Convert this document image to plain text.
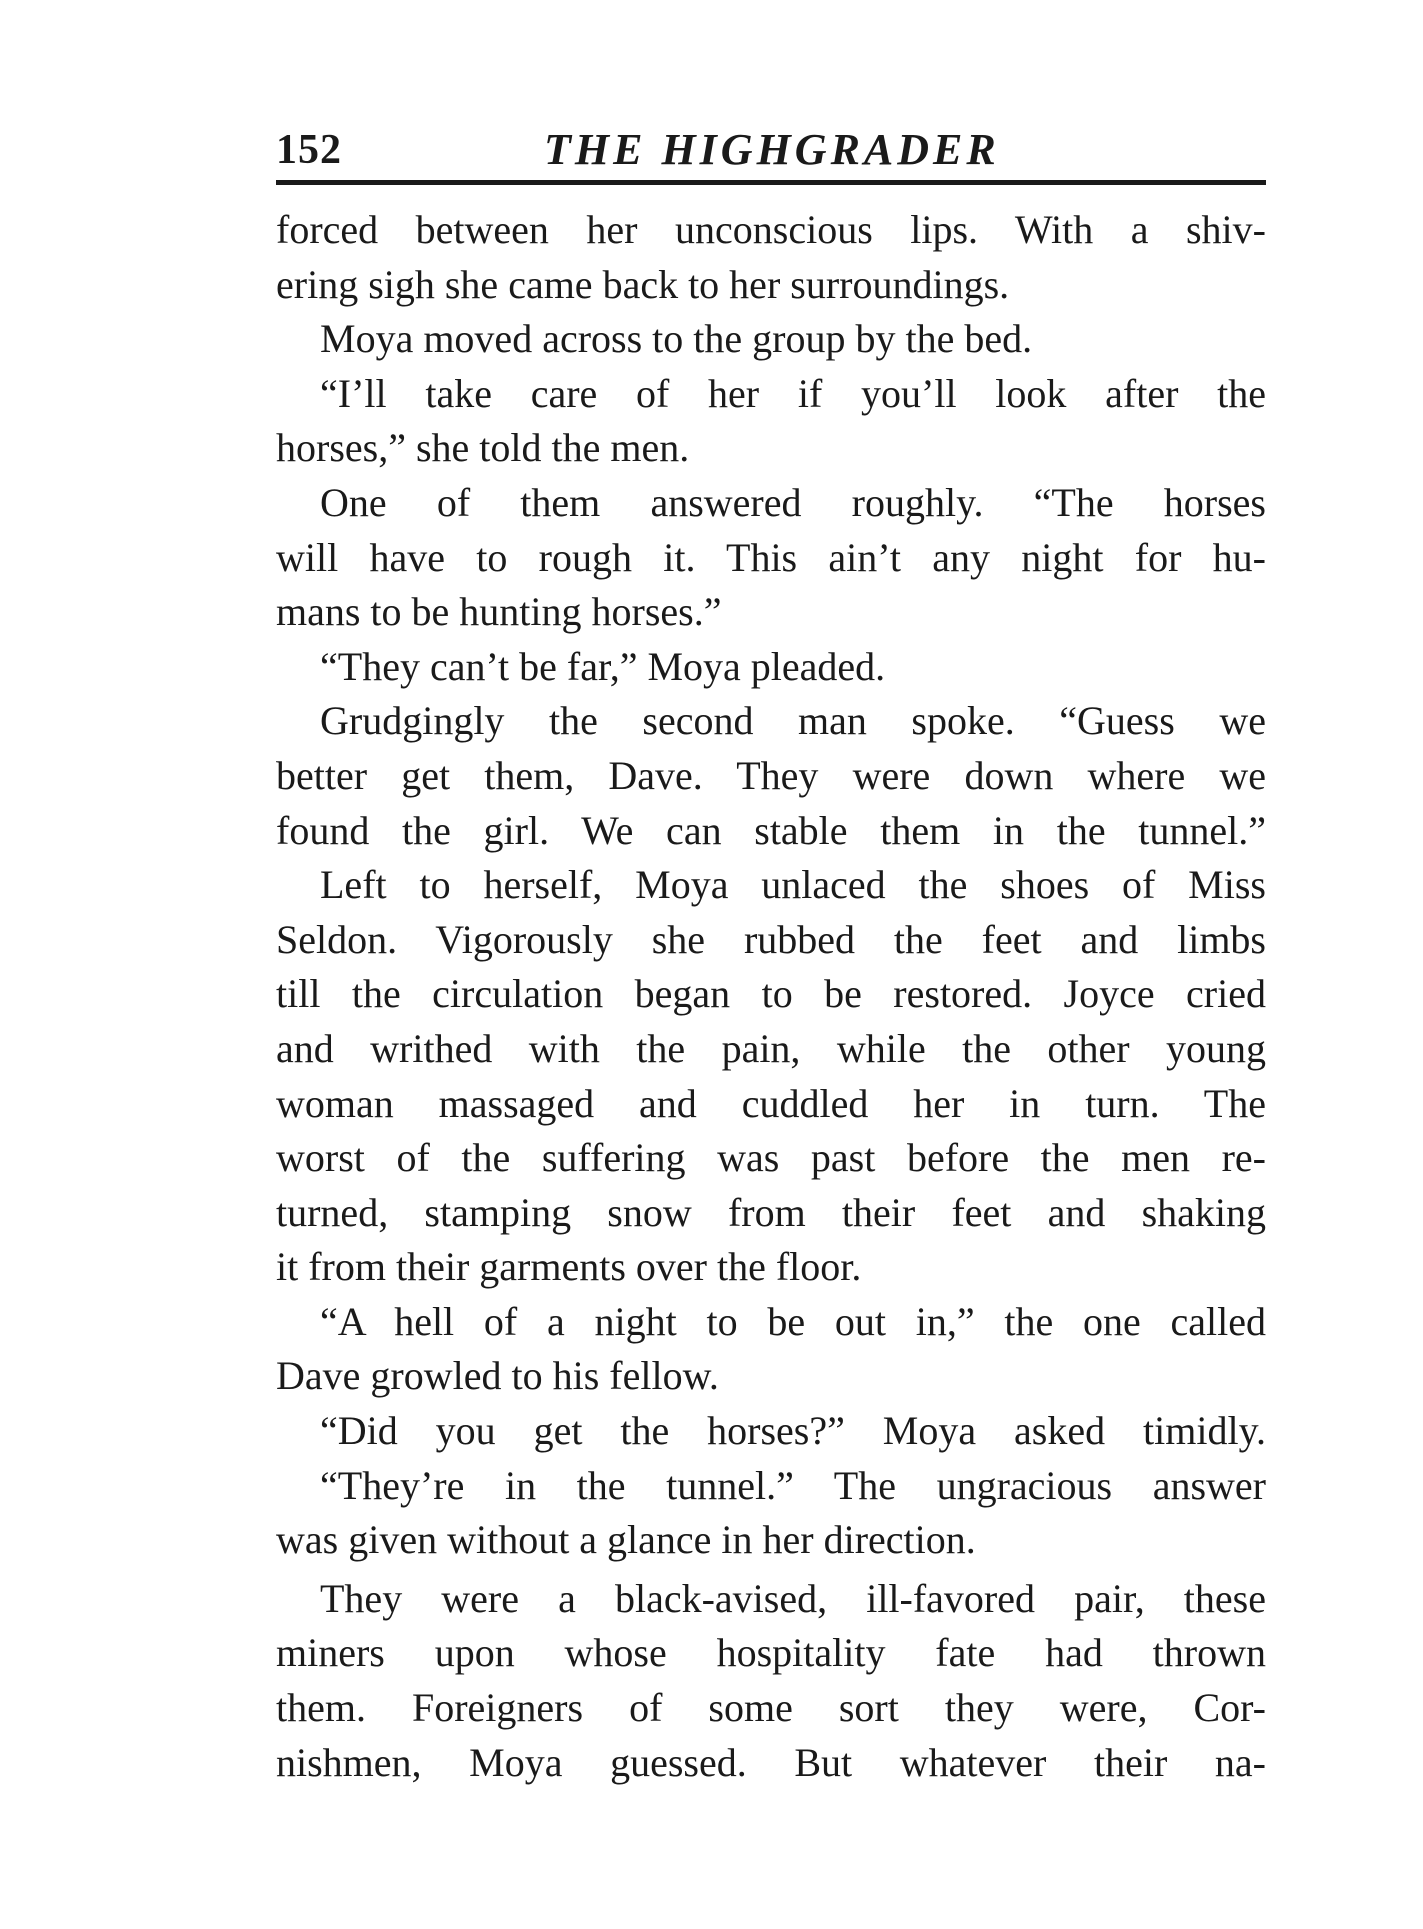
152	THE HIGHGRADER
forced between her unconscious lips. With a shiv-
ering sigh she came back to her surroundings.
Moya moved across to the group by the bed.
“I’ll take care of her if you’ll look after the
horses,” she told the men.
One of them answered roughly. “The horses
will have to rough it. This ain’t any night for hu-
mans to be hunting horses.”
“They can’t be far,” Moya pleaded.
Grudgingly the second man spoke. “Guess we
better get them, Dave. They were down where we
found the girl. We can stable them in the tunnel.”
Left to herself, Moya unlaced the shoes of Miss
Seldon. Vigorously she rubbed the feet and limbs
till the circulation began to be restored. Joyce cried
and writhed with the pain, while the other young
woman massaged and cuddled her in turn. The
worst of the suffering was past before the men re-
turned, stamping snow from their feet and shaking
it from their garments over the floor.
“A hell of a night to be out in,” the one called
Dave growled to his fellow.
“Did you get the horses?” Moya asked timidly.
“They’re in the tunnel.” The ungracious answer
was given without a glance in her direction.
They were a black-avised, ill-favored pair, these
miners upon whose hospitality fate had thrown
them. Foreigners of some sort they were, Cor-
nishmen, Moya guessed. But whatever their na-
